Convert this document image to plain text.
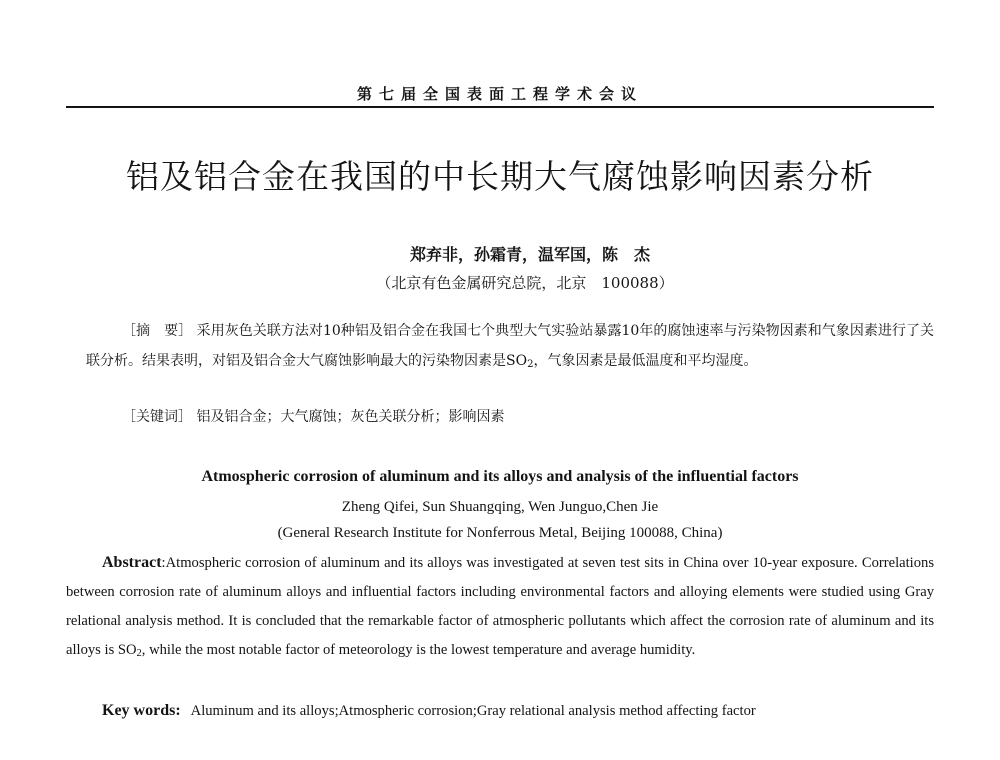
第七届全国表面工程学术会议
铝及铝合金在我国的中长期大气腐蚀影响因素分析
郑弃非，孙霜青，温军国，陈　杰
（北京有色金属研究总院，北京　100088）
［摘　要］ 采用灰色关联方法对10种铝及铝合金在我国七个典型大气实验站暴露10年的腐蚀速率与污染物因素和气象因素进行了关联分析。结果表明，对铝及铝合金大气腐蚀影响最大的污染物因素是$SO_2$，气象因素是最低温度和平均湿度。
［关键词］ 铝及铝合金；大气腐蚀；灰色关联分析；影响因素
Atmospheric corrosion of aluminum and its alloys and analysis of the influential factors
Zheng Qifei, Sun Shuangqing, Wen Junguo,Chen Jie
(General Research Institute for Nonferrous Metal, Beijing 100088, China)
Abstract:Atmospheric corrosion of aluminum and its alloys was investigated at seven test sits in China over 10-year exposure. Correlations between corrosion rate of aluminum alloys and influential factors including environmental factors and alloying elements were studied using Gray relational analysis method. It is concluded that the remarkable factor of atmospheric pollutants which affect the corrosion rate of aluminum and its alloys is SO2, while the most notable factor of meteorology is the lowest temperature and average humidity.
Key words: Aluminum and its alloys;Atmospheric corrosion;Gray relational analysis method affecting factor
